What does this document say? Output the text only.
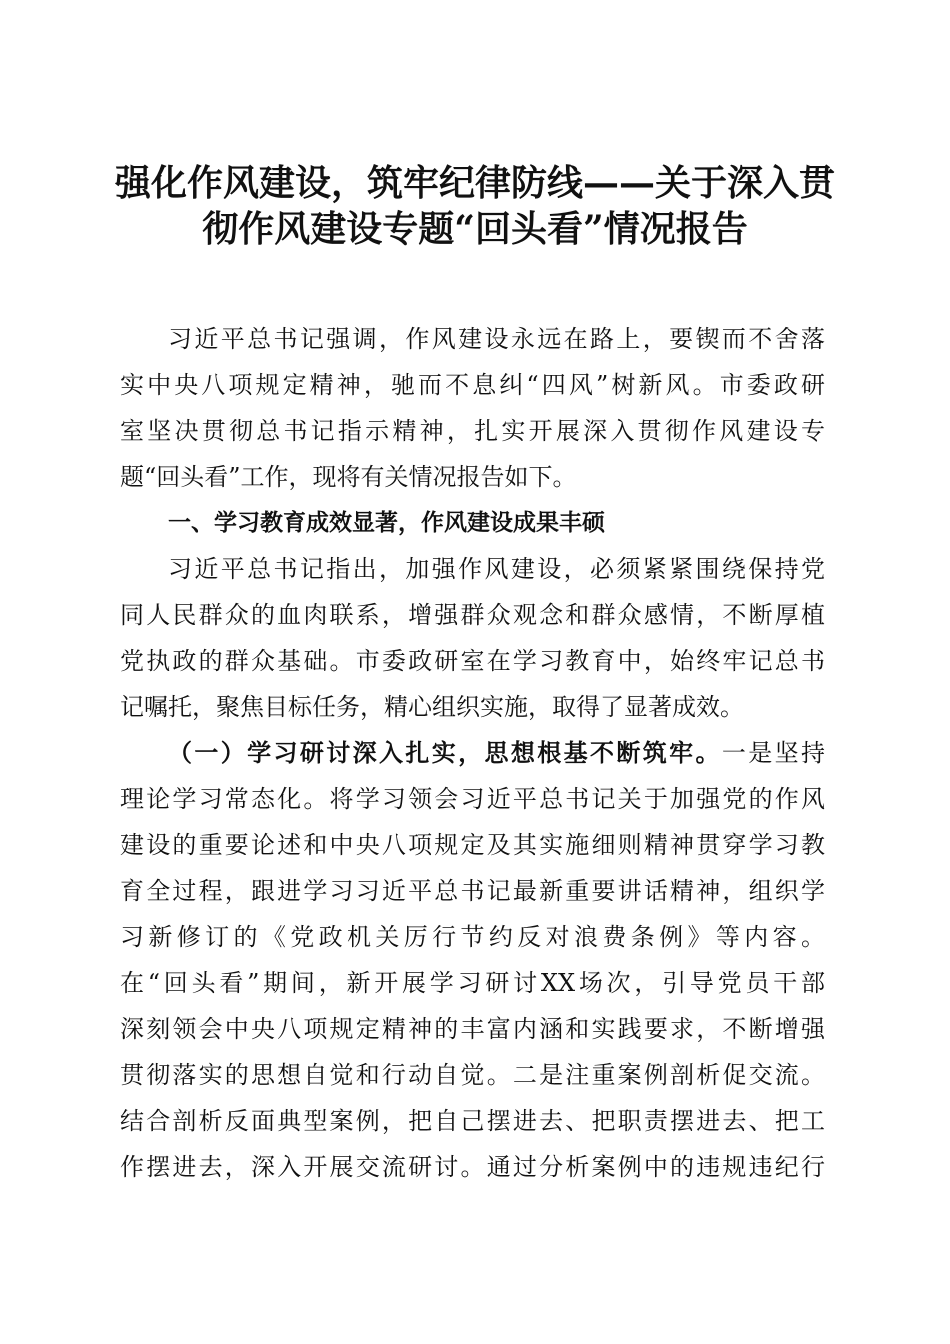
强化作风建设，筑牢纪律防线——关于深入贯
彻作风建设专题“回头看”情况报告
习近平总书记强调，作风建设永远在路上，要锲而不舍落
实中央八项规定精神，驰而不息纠“四风”树新风。市委政研
室坚决贯彻总书记指示精神，扎实开展深入贯彻作风建设专
题“回头看”工作，现将有关情况报告如下。
一、学习教育成效显著，作风建设成果丰硕
习近平总书记指出，加强作风建设，必须紧紧围绕保持党
同人民群众的血肉联系，增强群众观念和群众感情，不断厚植
党执政的群众基础。市委政研室在学习教育中，始终牢记总书
记嘱托，聚焦目标任务，精心组织实施，取得了显著成效。
（一）学习研讨深入扎实，思想根基不断筑牢。一是坚持
理论学习常态化。将学习领会习近平总书记关于加强党的作风
建设的重要论述和中央八项规定及其实施细则精神贯穿学习教
育全过程，跟进学习习近平总书记最新重要讲话精神，组织学
习新修订的《党政机关厉行节约反对浪费条例》等内容。
在“回头看”期间，新开展学习研讨XX场次，引导党员干部
深刻领会中央八项规定精神的丰富内涵和实践要求，不断增强
贯彻落实的思想自觉和行动自觉。二是注重案例剖析促交流。
结合剖析反面典型案例，把自己摆进去、把职责摆进去、把工
作摆进去，深入开展交流研讨。通过分析案例中的违规违纪行
